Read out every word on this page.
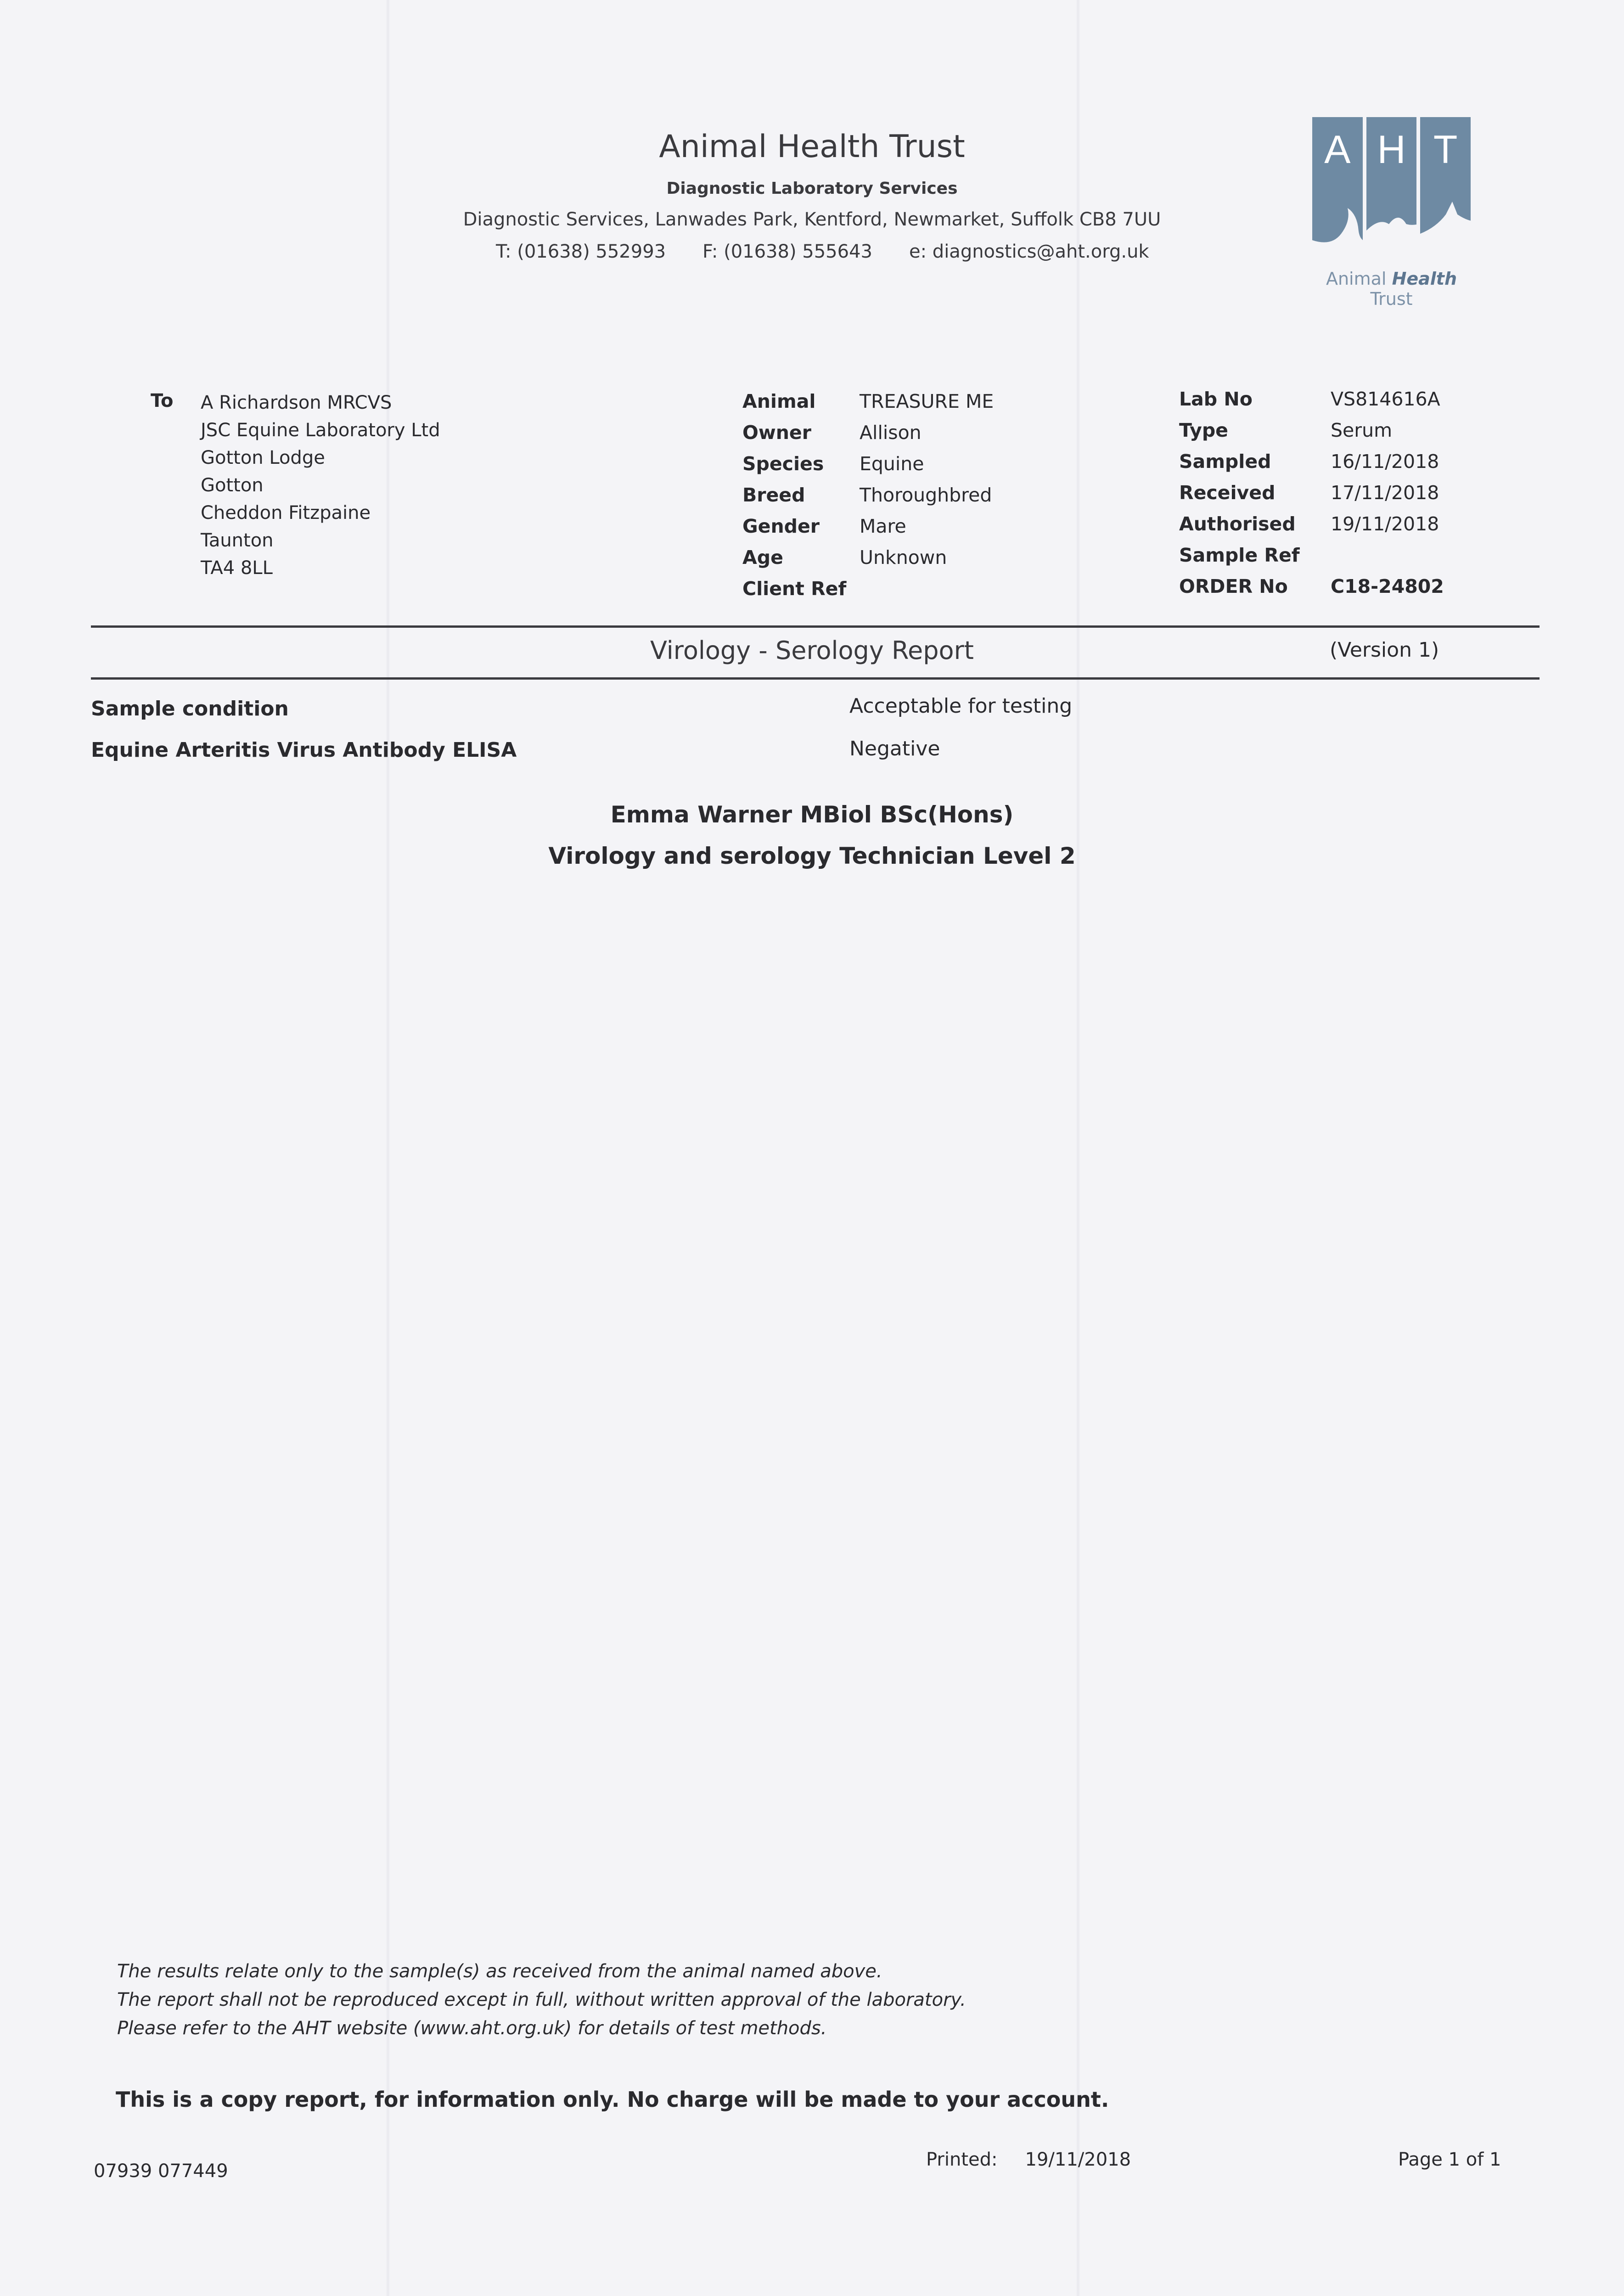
Animal Health Trust
Diagnostic Laboratory Services
Diagnostic Services, Lanwades Park, Kentford, Newmarket, Suffolk CB8 7UU
T: (01638) 552993 F: (01638) 555643 e: diagnostics@aht.org.uk
A H T
Animal Health Trust
To A Richardson MRCVS
JSC Equine Laboratory Ltd
Gotton Lodge
Gotton
Cheddon Fitzpaine
Taunton
TA4 8LL
Animal	TREASURE ME
Owner	Allison
Species	Equine
Breed	Thoroughbred
Gender	Mare
Age	Unknown
Client Ref
Lab No	VS814616A
Type	Serum
Sampled	16/11/2018
Received	17/11/2018
Authorised	19/11/2018
Sample Ref
ORDER No	C18-24802
Virology - Serology Report	(Version 1)
Sample condition	Acceptable for testing
Equine Arteritis Virus Antibody ELISA	Negative
Emma Warner MBiol BSc(Hons)
Virology and serology Technician Level 2
The results relate only to the sample(s) as received from the animal named above.
The report shall not be reproduced except in full, without written approval of the laboratory.
Please refer to the AHT website (www.aht.org.uk) for details of test methods.
This is a copy report, for information only. No charge will be made to your account.
07939 077449
Printed: 19/11/2018	Page 1 of 1
